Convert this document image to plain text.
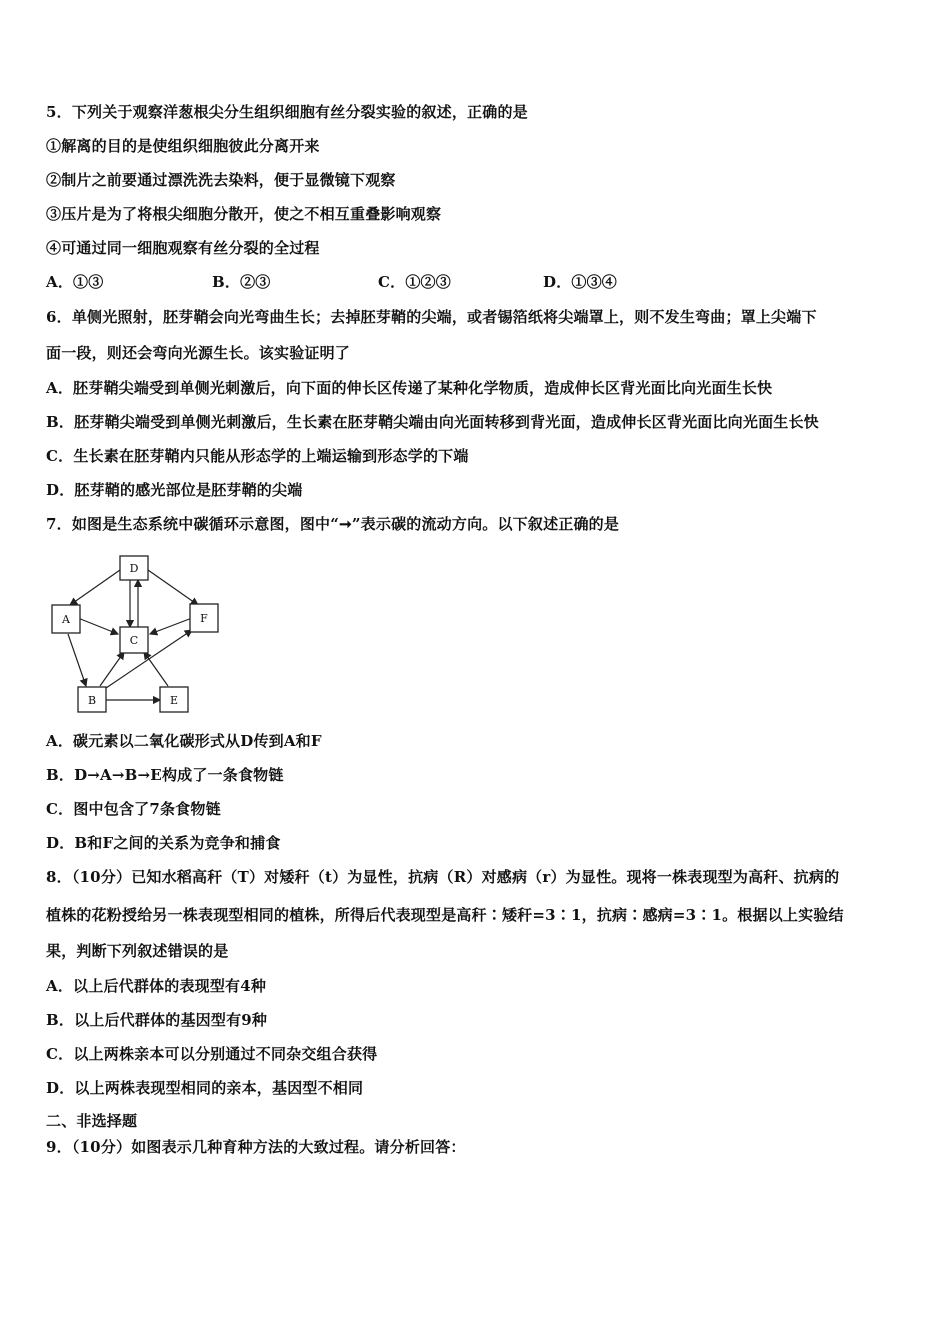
5．下列关于观察洋葱根尖分生组织细胞有丝分裂实验的叙述，正确的是
①解离的目的是使组织细胞彼此分离开来
②制片之前要通过漂洗洗去染料，便于显微镜下观察
③压片是为了将根尖细胞分散开，使之不相互重叠影响观察
④可通过同一细胞观察有丝分裂的全过程
A．①③	B．②③	C．①②③	D．①③④
6．单侧光照射，胚芽鞘会向光弯曲生长；去掉胚芽鞘的尖端，或者锡箔纸将尖端罩上，则不发生弯曲；罩上尖端下
面一段，则还会弯向光源生长。该实验证明了
A．胚芽鞘尖端受到单侧光刺激后，向下面的伸长区传递了某种化学物质，造成伸长区背光面比向光面生长快
B．胚芽鞘尖端受到单侧光刺激后，生长素在胚芽鞘尖端由向光面转移到背光面，造成伸长区背光面比向光面生长快
C．生长素在胚芽鞘内只能从形态学的上端运输到形态学的下端
D．胚芽鞘的感光部位是胚芽鞘的尖端
7．如图是生态系统中碳循环示意图，图中“➞”表示碳的流动方向。以下叙述正确的是
D
A
C
F
B	E
A．碳元素以二氧化碳形式从D传到A和F
B．D→A→B→E构成了一条食物链
C．图中包含了7条食物链
D．B和F之间的关系为竞争和捕食
8．（10分）已知水稻高秆（T）对矮秆（t）为显性，抗病（R）对感病（r）为显性。现将一株表现型为高秆、抗病的
植株的花粉授给另一株表现型相同的植株，所得后代表现型是高秆∶矮秆=3∶1，抗病∶感病=3∶1。根据以上实验结
果，判断下列叙述错误的是
A．以上后代群体的表现型有4种
B．以上后代群体的基因型有9种
C．以上两株亲本可以分别通过不同杂交组合获得
D．以上两株表现型相同的亲本，基因型不相同
二、非选择题
9．（10分）如图表示几种育种方法的大致过程。请分析回答：
